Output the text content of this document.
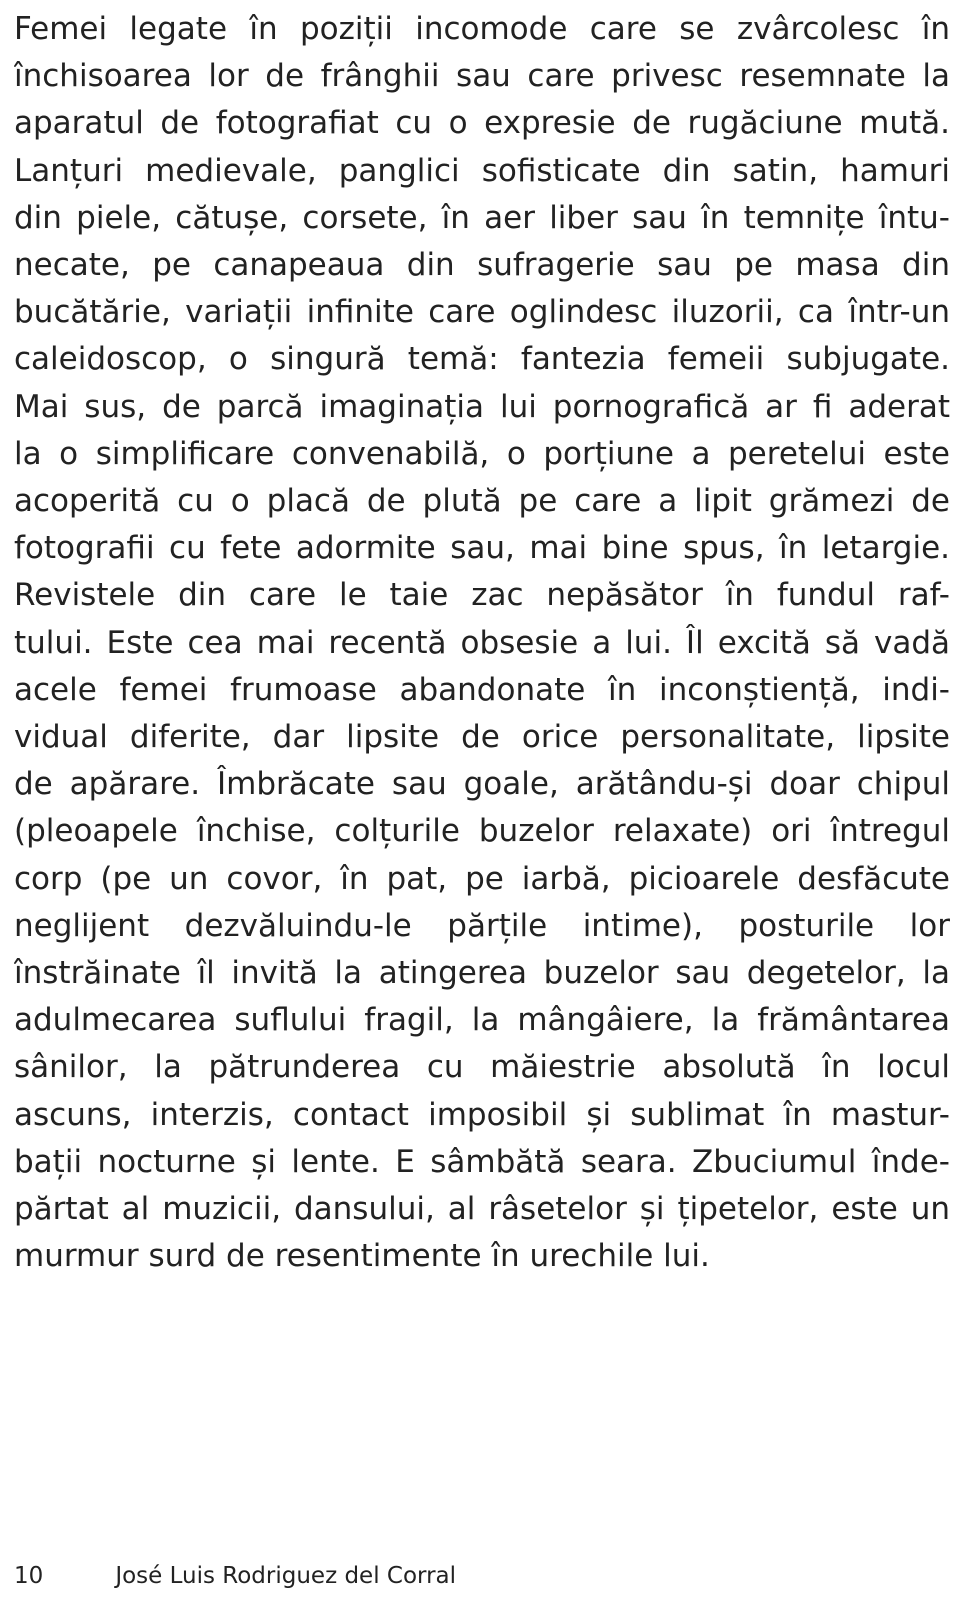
Femei legate în poziții incomode care se zvârcolesc în
închisoarea lor de frânghii sau care privesc resemnate la
aparatul de fotografiat cu o expresie de rugăciune mută.
Lanțuri medievale, panglici sofisticate din satin, hamuri
din piele, cătușe, corsete, în aer liber sau în temnițe întu-
necate, pe canapeaua din sufragerie sau pe masa din
bucătărie, variații infinite care oglindesc iluzorii, ca într-un
caleidoscop, o singură temă: fantezia femeii subjugate.
Mai sus, de parcă imaginația lui pornografică ar fi aderat
la o simplificare convenabilă, o porțiune a peretelui este
acoperită cu o placă de plută pe care a lipit grămezi de
fotografii cu fete adormite sau, mai bine spus, în letargie.
Revistele din care le taie zac nepăsător în fundul raf-
tului. Este cea mai recentă obsesie a lui. Îl excită să vadă
acele femei frumoase abandonate în inconștiență, indi-
vidual diferite, dar lipsite de orice personalitate, lipsite
de apărare. Îmbrăcate sau goale, arătându-și doar chipul
(pleoapele închise, colțurile buzelor relaxate) ori întregul
corp (pe un covor, în pat, pe iarbă, picioarele desfăcute
neglijent dezvăluindu-le părțile intime), posturile lor
înstrăinate îl invită la atingerea buzelor sau degetelor, la
adulmecarea suflului fragil, la mângâiere, la frământarea
sânilor, la pătrunderea cu măiestrie absolută în locul
ascuns, interzis, contact imposibil și sublimat în mastur-
bații nocturne și lente. E sâmbătă seara. Zbuciumul înde-
părtat al muzicii, dansului, al râsetelor și țipetelor, este un
murmur surd de resentimente în urechile lui.
10	José Luis Rodriguez del Corral
